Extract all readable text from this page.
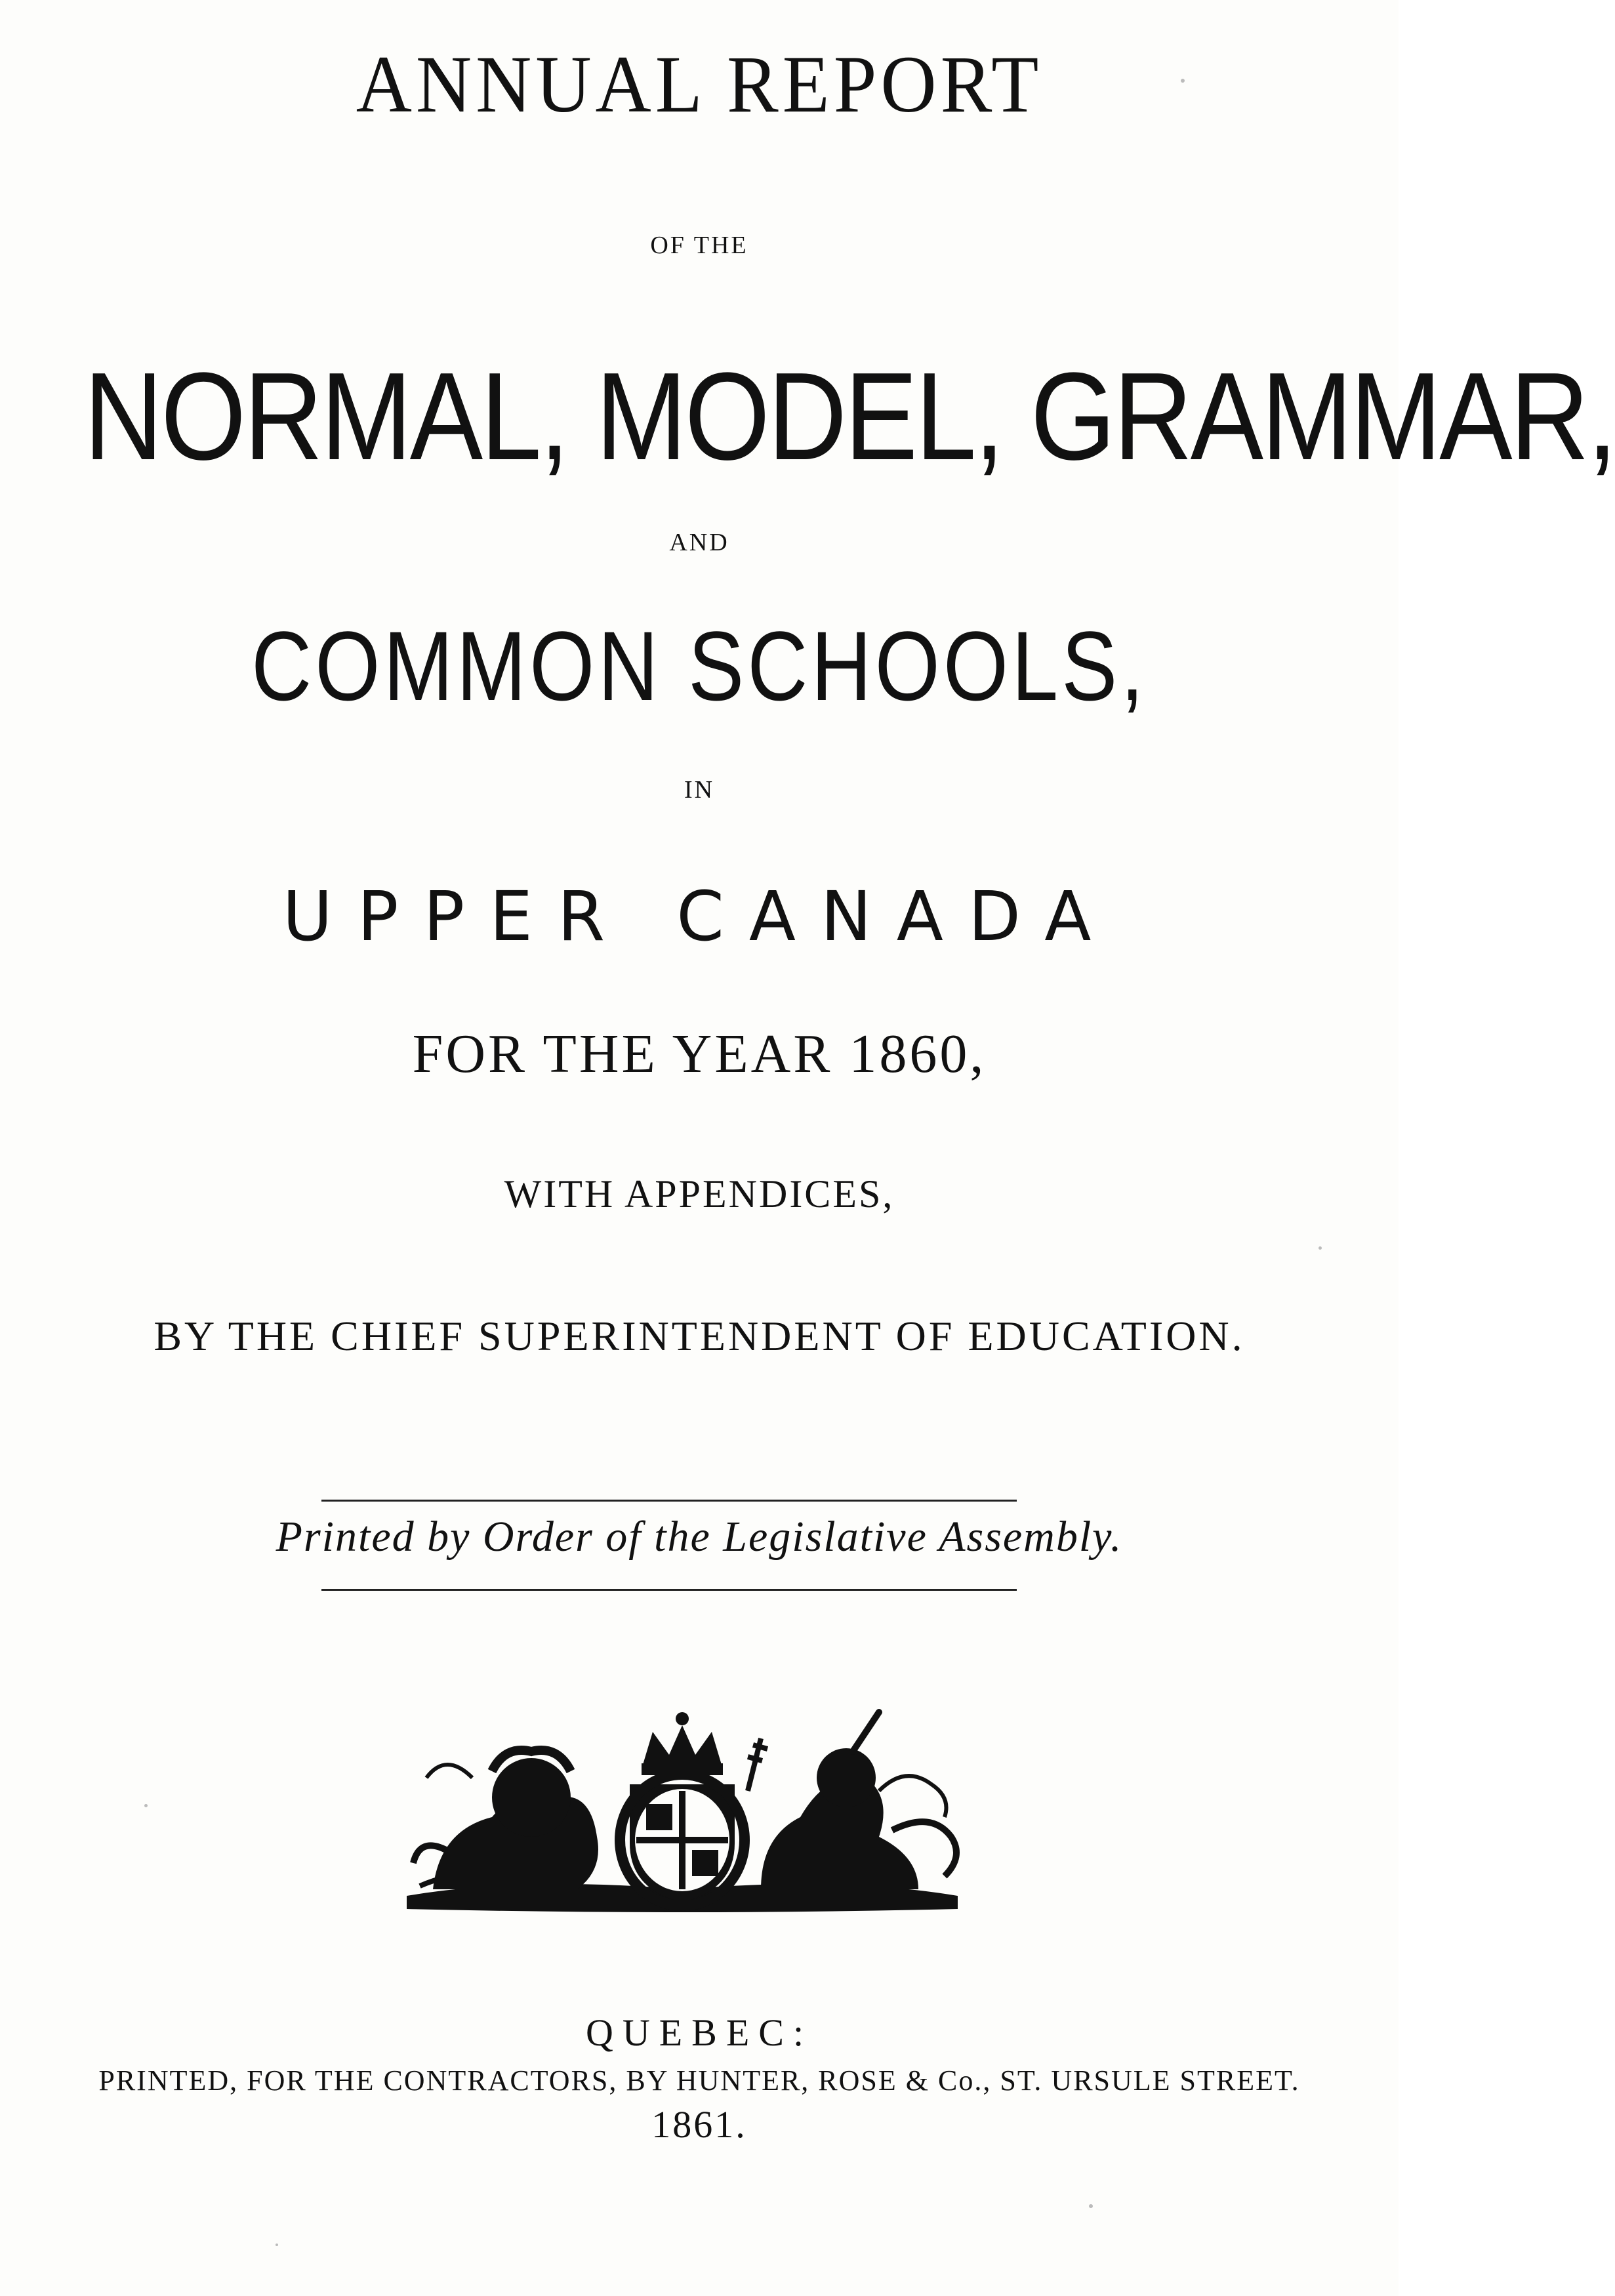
ANNUAL REPORT
OF THE
NORMAL, MODEL, GRAMMAR,
AND
COMMON SCHOOLS,
IN
UPPER CANADA
FOR THE YEAR 1860,
WITH APPENDICES,
BY THE CHIEF SUPERINTENDENT OF EDUCATION.
Printed by Order of the Legislative Assembly.
QUEBEC:
PRINTED, FOR THE CONTRACTORS, BY HUNTER, ROSE & Co., ST. URSULE STREET.
1861.
